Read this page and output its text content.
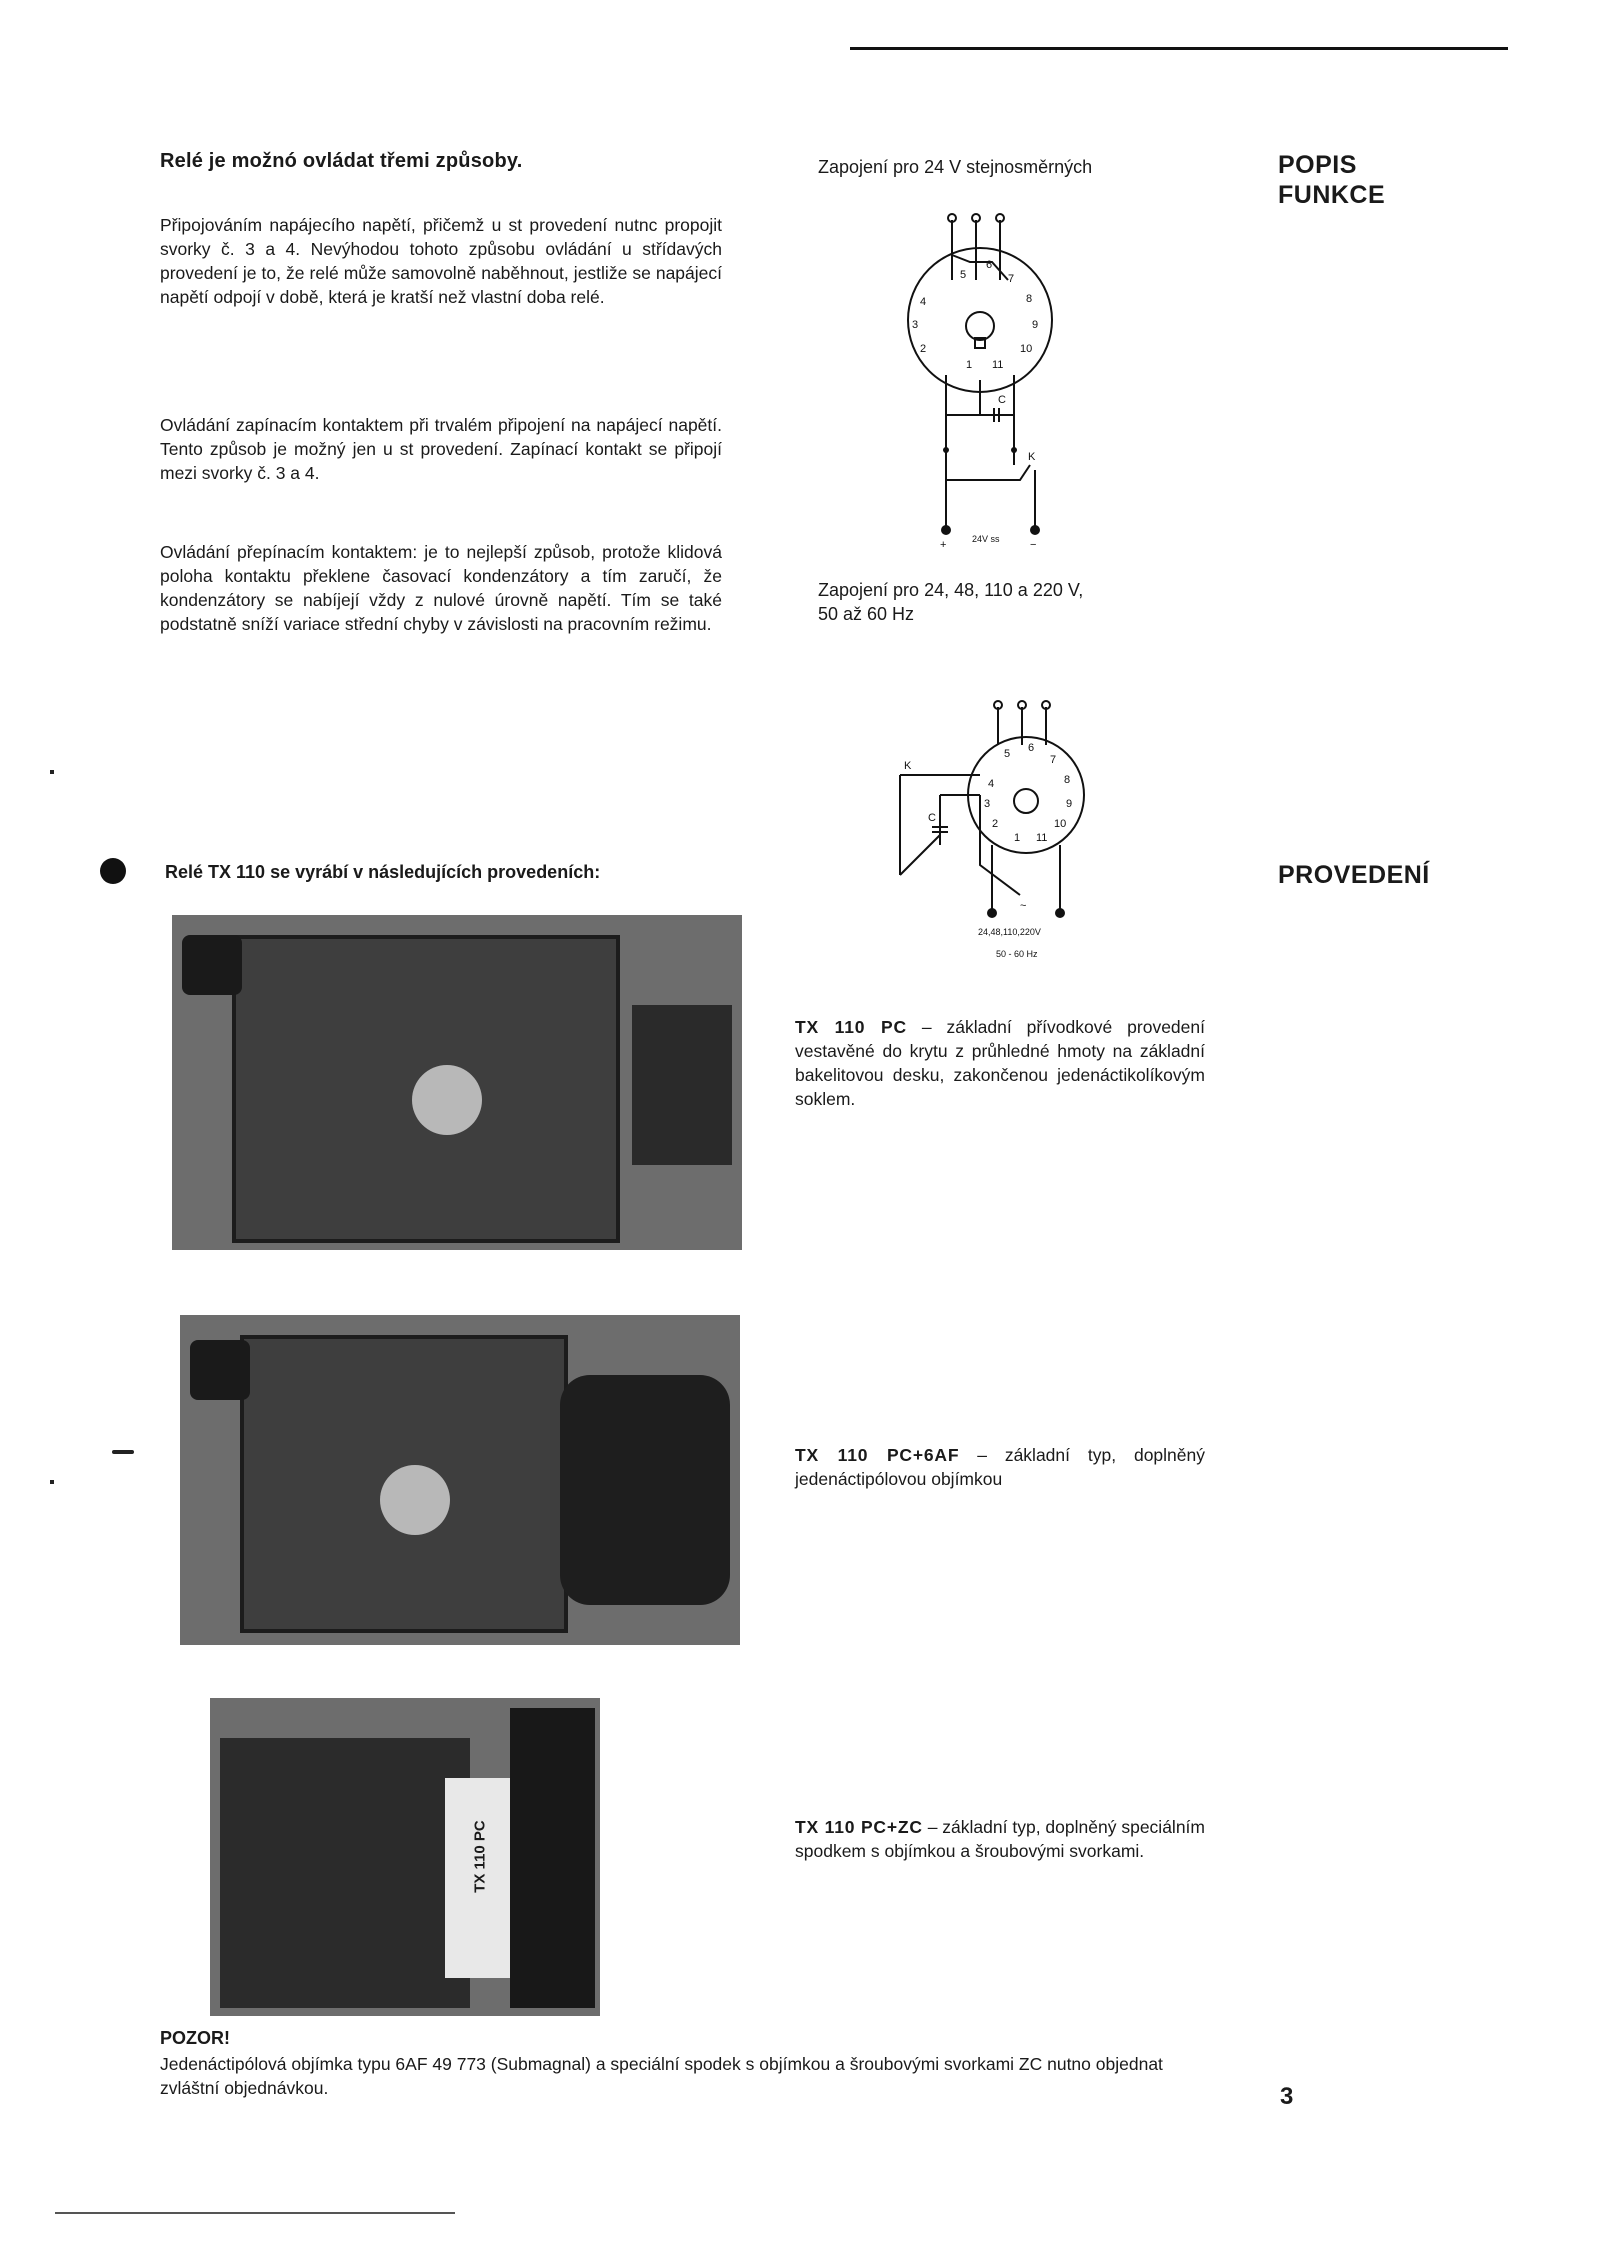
Relé je možnó ovládat třemi způsoby.
Připojováním napájecího napětí, přičemž u st provedení nutnc propojit svorky č. 3 a 4. Nevýhodou tohoto způsobu ovládání u střídavých provedení je to, že relé může samovolně naběhnout, jestliže se napájecí napětí odpojí v době, která je kratší než vlastní doba relé.
Ovládání zapínacím kontaktem při trvalém připojení na napájecí napětí. Tento způsob je možný jen u st provedení. Zapínací kontakt se připojí mezi svorky č. 3 a 4.
Ovládání přepínacím kontaktem: je to nejlepší způsob, protože klidová poloha kontaktu překlene časovací kondenzátory a tím zaručí, že kondenzátory se nabíjejí vždy z nulové úrovně napětí. Tím se také podstatně sníží variace střední chyby v závislosti na pracovním režimu.
POPIS
FUNKCE
PROVEDENÍ
Zapojení pro 24 V stejnosměrných
4
3
2
1
5
6
7
8
9
10
11
C
K
+	24V ss	−
Zapojení pro 24, 48, 110 a 220 V,
50 až 60 Hz
K
C
4
3
2
1
5 6
7
8
9
10
11
~
24,48,110,220V
50 - 60 Hz
Relé TX 110 se vyrábí v následujících provedeních:
TX 110 PC
TX 110 PC – základní přívodkové provedení vestavěné do krytu z průhledné hmoty na základní bakelitovou desku, zakončenou jedenáctikolíkovým soklem.
TX 110 PC+6AF – základní typ, doplněný jedenáctipólovou objímkou
TX 110 PC+ZC – základní typ, doplněný speciálním spodkem s objímkou a šroubovými svorkami.
POZOR!
Jedenáctipólová objímka typu 6AF 49 773 (Submagnal) a speciální spodek s objímkou a šroubovými svorkami ZC nutno objednat zvláštní objednávkou.	3
